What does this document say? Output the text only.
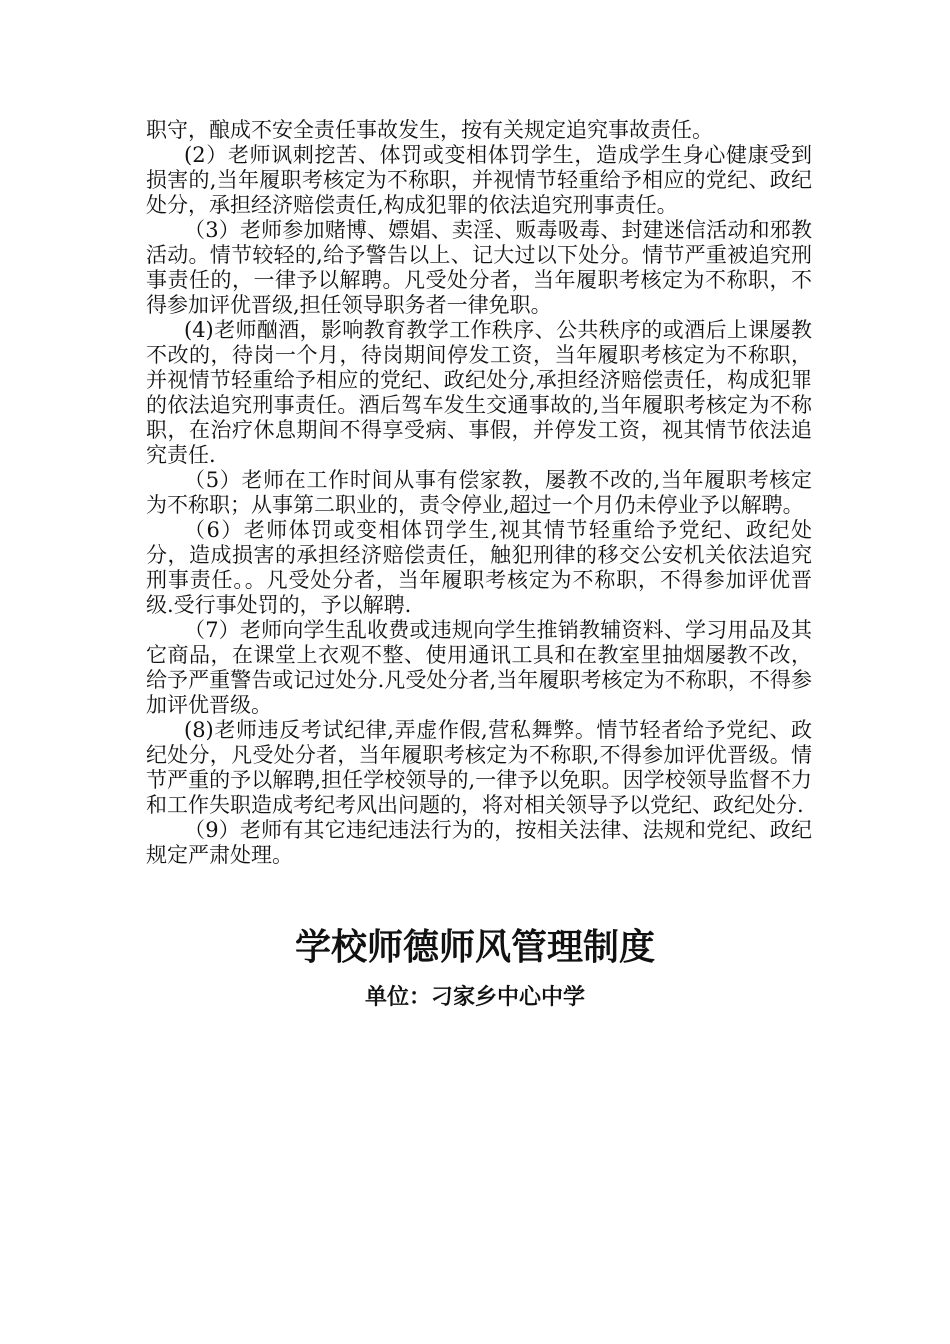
职守，酿成不安全责任事故发生，按有关规定追究事故责任。

(2）老师讽刺挖苦、体罚或变相体罚学生，造成学生身心健康受到损害的,当年履职考核定为不称职，并视情节轻重给予相应的党纪、政纪处分，承担经济赔偿责任,构成犯罪的依法追究刑事责任。

（3）老师参加赌博、嫖娼、卖淫、贩毒吸毒、封建迷信活动和邪教活动。情节较轻的,给予警告以上、记大过以下处分。情节严重被追究刑事责任的，一律予以解聘。凡受处分者，当年履职考核定为不称职，不得参加评优晋级,担任领导职务者一律免职。

(4)老师酗酒，影响教育教学工作秩序、公共秩序的或酒后上课屡教不改的，待岗一个月，待岗期间停发工资，当年履职考核定为不称职，并视情节轻重给予相应的党纪、政纪处分,承担经济赔偿责任，构成犯罪的依法追究刑事责任。酒后驾车发生交通事故的,当年履职考核定为不称职，在治疗休息期间不得享受病、事假，并停发工资，视其情节依法追究责任.

（5）老师在工作时间从事有偿家教，屡教不改的,当年履职考核定为不称职；从事第二职业的，责令停业,超过一个月仍未停业予以解聘。

（6）老师体罚或变相体罚学生,视其情节轻重给予党纪、政纪处分，造成损害的承担经济赔偿责任，触犯刑律的移交公安机关依法追究刑事责任。。凡受处分者，当年履职考核定为不称职，不得参加评优晋级.受行事处罚的，予以解聘.

（7）老师向学生乱收费或违规向学生推销教辅资料、学习用品及其它商品，在课堂上衣观不整、使用通讯工具和在教室里抽烟屡教不改，给予严重警告或记过处分.凡受处分者,当年履职考核定为不称职，不得参加评优晋级。

(8)老师违反考试纪律,弄虚作假,营私舞弊。情节轻者给予党纪、政纪处分，凡受处分者，当年履职考核定为不称职,不得参加评优晋级。情节严重的予以解聘,担任学校领导的,一律予以免职。因学校领导监督不力和工作失职造成考纪考风出问题的，将对相关领导予以党纪、政纪处分.

（9）老师有其它违纪违法行为的，按相关法律、法规和党纪、政纪规定严肃处理。

学校师德师风管理制度

单位：刁家乡中心中学
